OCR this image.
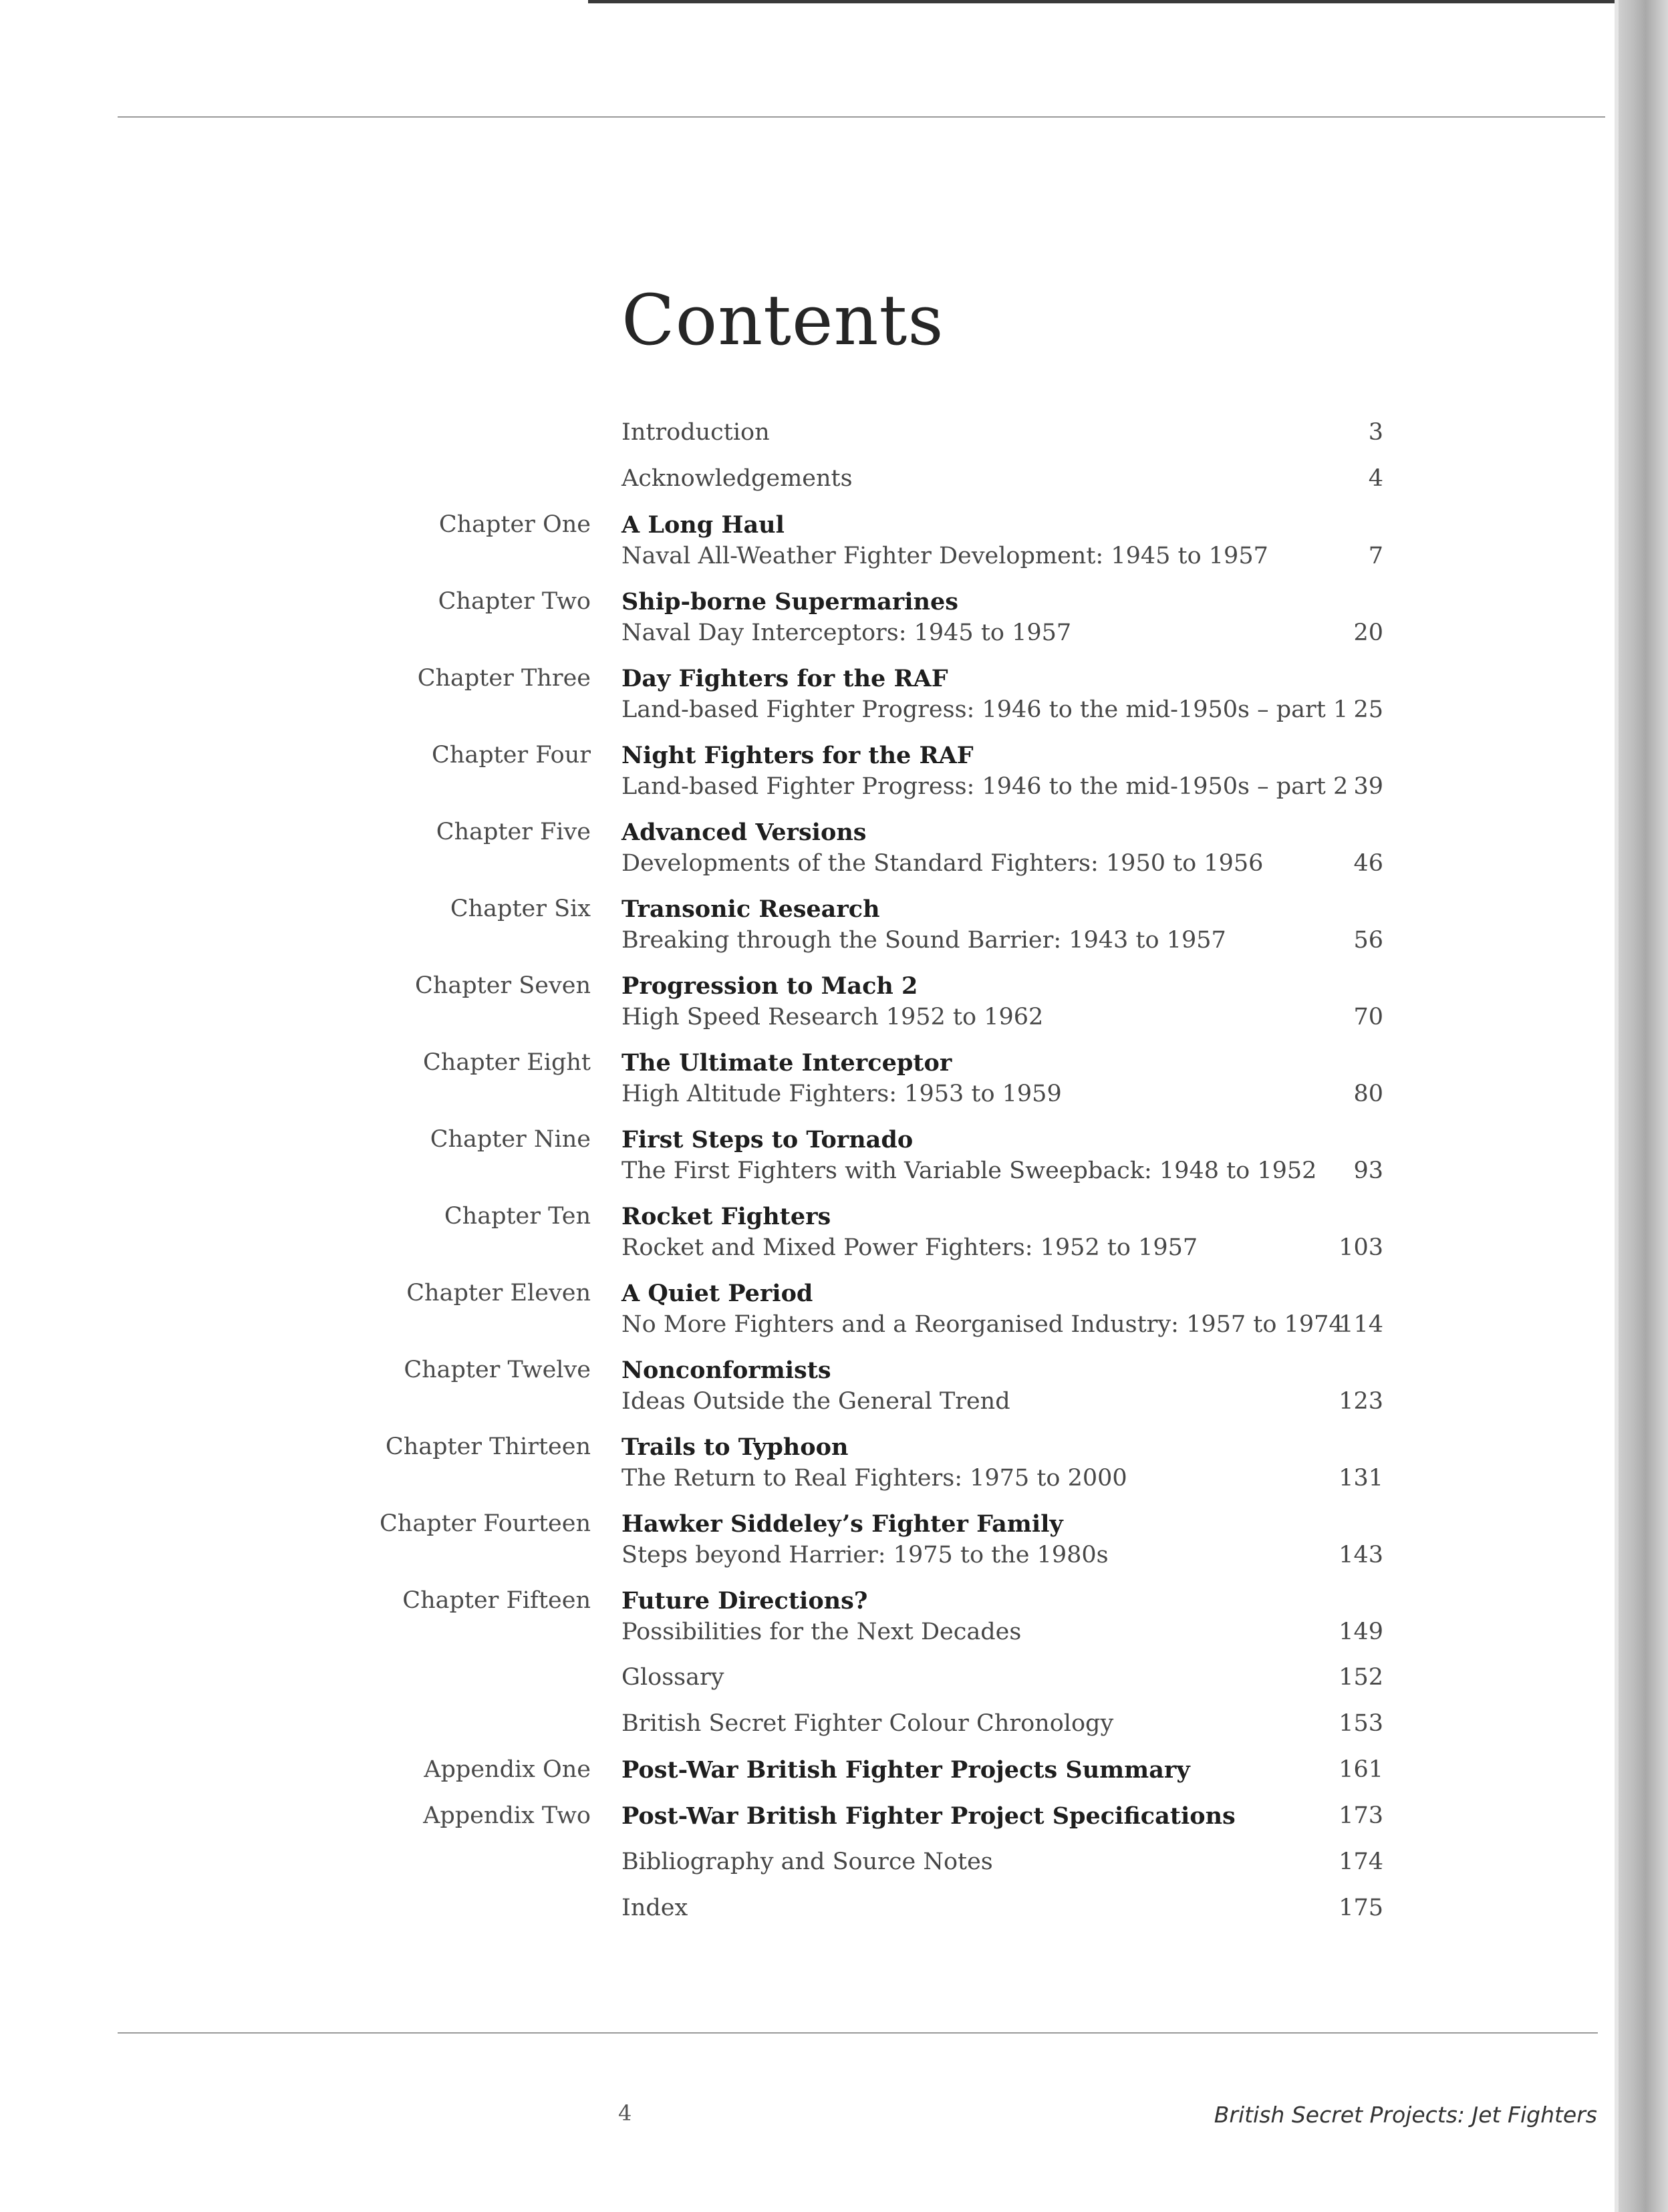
Contents
Introduction	3
Acknowledgements	4
Chapter One A Long Haul
Naval All-Weather Fighter Development: 1945 to 1957	7
Chapter Two Ship-borne Supermarines
Naval Day Interceptors: 1945 to 1957	20
Chapter Three Day Fighters for the RAF
Land-based Fighter Progress: 1946 to the mid-1950s – part 1 25
Chapter Four Night Fighters for the RAF
Land-based Fighter Progress: 1946 to the mid-1950s – part 2 39
Chapter Five Advanced Versions
Developments of the Standard Fighters: 1950 to 1956	46
Chapter Six Transonic Research
Breaking through the Sound Barrier: 1943 to 1957	56
Chapter Seven Progression to Mach 2
High Speed Research 1952 to 1962	70
Chapter Eight The Ultimate Interceptor
High Altitude Fighters: 1953 to 1959	80
Chapter Nine First Steps to Tornado
The First Fighters with Variable Sweepback: 1948 to 1952 93
Chapter Ten Rocket Fighters
Rocket and Mixed Power Fighters: 1952 to 1957	103
Chapter Eleven A Quiet Period
No More Fighters and a Reorganised Industry: 1957 to 1974
114
Chapter Twelve Nonconformists
Ideas Outside the General Trend	123
Chapter Thirteen Trails to Typhoon
The Return to Real Fighters: 1975 to 2000	131
Chapter Fourteen Hawker Siddeley’s Fighter Family
Steps beyond Harrier: 1975 to the 1980s	143
Chapter Fifteen Future Directions?
Possibilities for the Next Decades	149
Glossary	152
British Secret Fighter Colour Chronology	153
Appendix One Post-War British Fighter Projects Summary	161
Appendix Two Post-War British Fighter Project Specifications	173
Bibliography and Source Notes	174
Index	175
4	British Secret Projects: Jet Fighters
